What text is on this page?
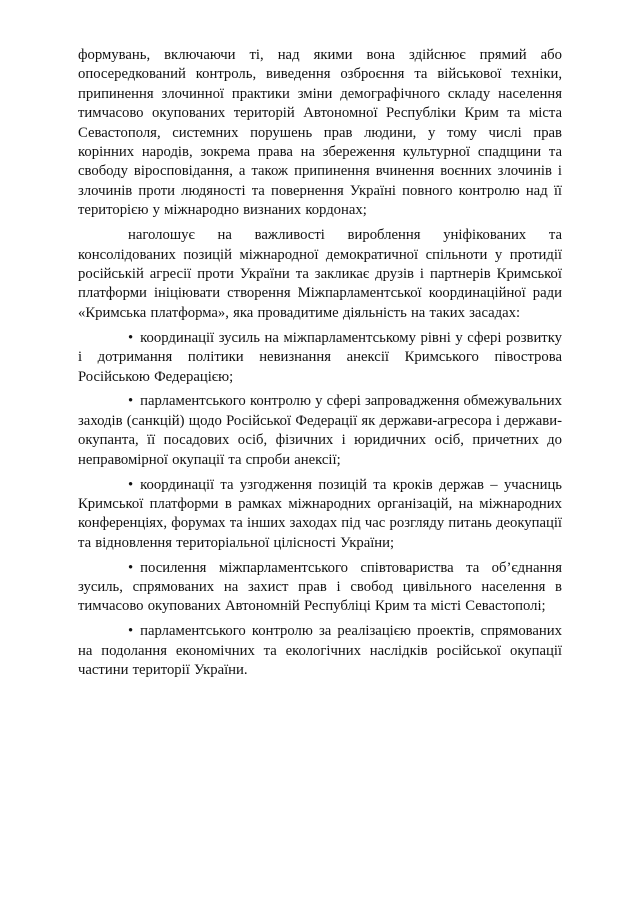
формувань, включаючи ті, над якими вона здійснює прямий або опосередкований контроль, виведення озброєння та військової техніки, припинення злочинної практики зміни демографічного складу населення тимчасово окупованих територій Автономної Республіки Крим та міста Севастополя, системних порушень прав людини, у тому числі прав корінних народів, зокрема права на збереження культурної спадщини та свободу віросповідання, а також припинення вчинення воєнних злочинів і злочинів проти людяності та повернення Україні повного контролю над її територією у міжнародно визнаних кордонах;

наголошує на важливості вироблення уніфікованих та консолідованих позицій міжнародної демократичної спільноти у протидії російській агресії проти України та закликає друзів і партнерів Кримської платформи ініціювати створення Міжпарламентської координаційної ради «Кримська платформа», яка провадитиме діяльність на таких засадах:

• координації зусиль на міжпарламентському рівні у сфері розвитку і дотримання політики невизнання анексії Кримського півострова Російською Федерацією;

• парламентського контролю у сфері запровадження обмежувальних заходів (санкцій) щодо Російської Федерації як держави-агресора і держави-окупанта, її посадових осіб, фізичних і юридичних осіб, причетних до неправомірної окупації та спроби анексії;

• координації та узгодження позицій та кроків держав – учасниць Кримської платформи в рамках міжнародних організацій, на міжнародних конференціях, форумах та інших заходах під час розгляду питань деокупації та відновлення територіальної цілісності України;

• посилення міжпарламентського співтовариства та об’єднання зусиль, спрямованих на захист прав і свобод цивільного населення в тимчасово окупованих Автономній Республіці Крим та місті Севастополі;

• парламентського контролю за реалізацією проектів, спрямованих на подолання економічних та екологічних наслідків російської окупації частини території України.
